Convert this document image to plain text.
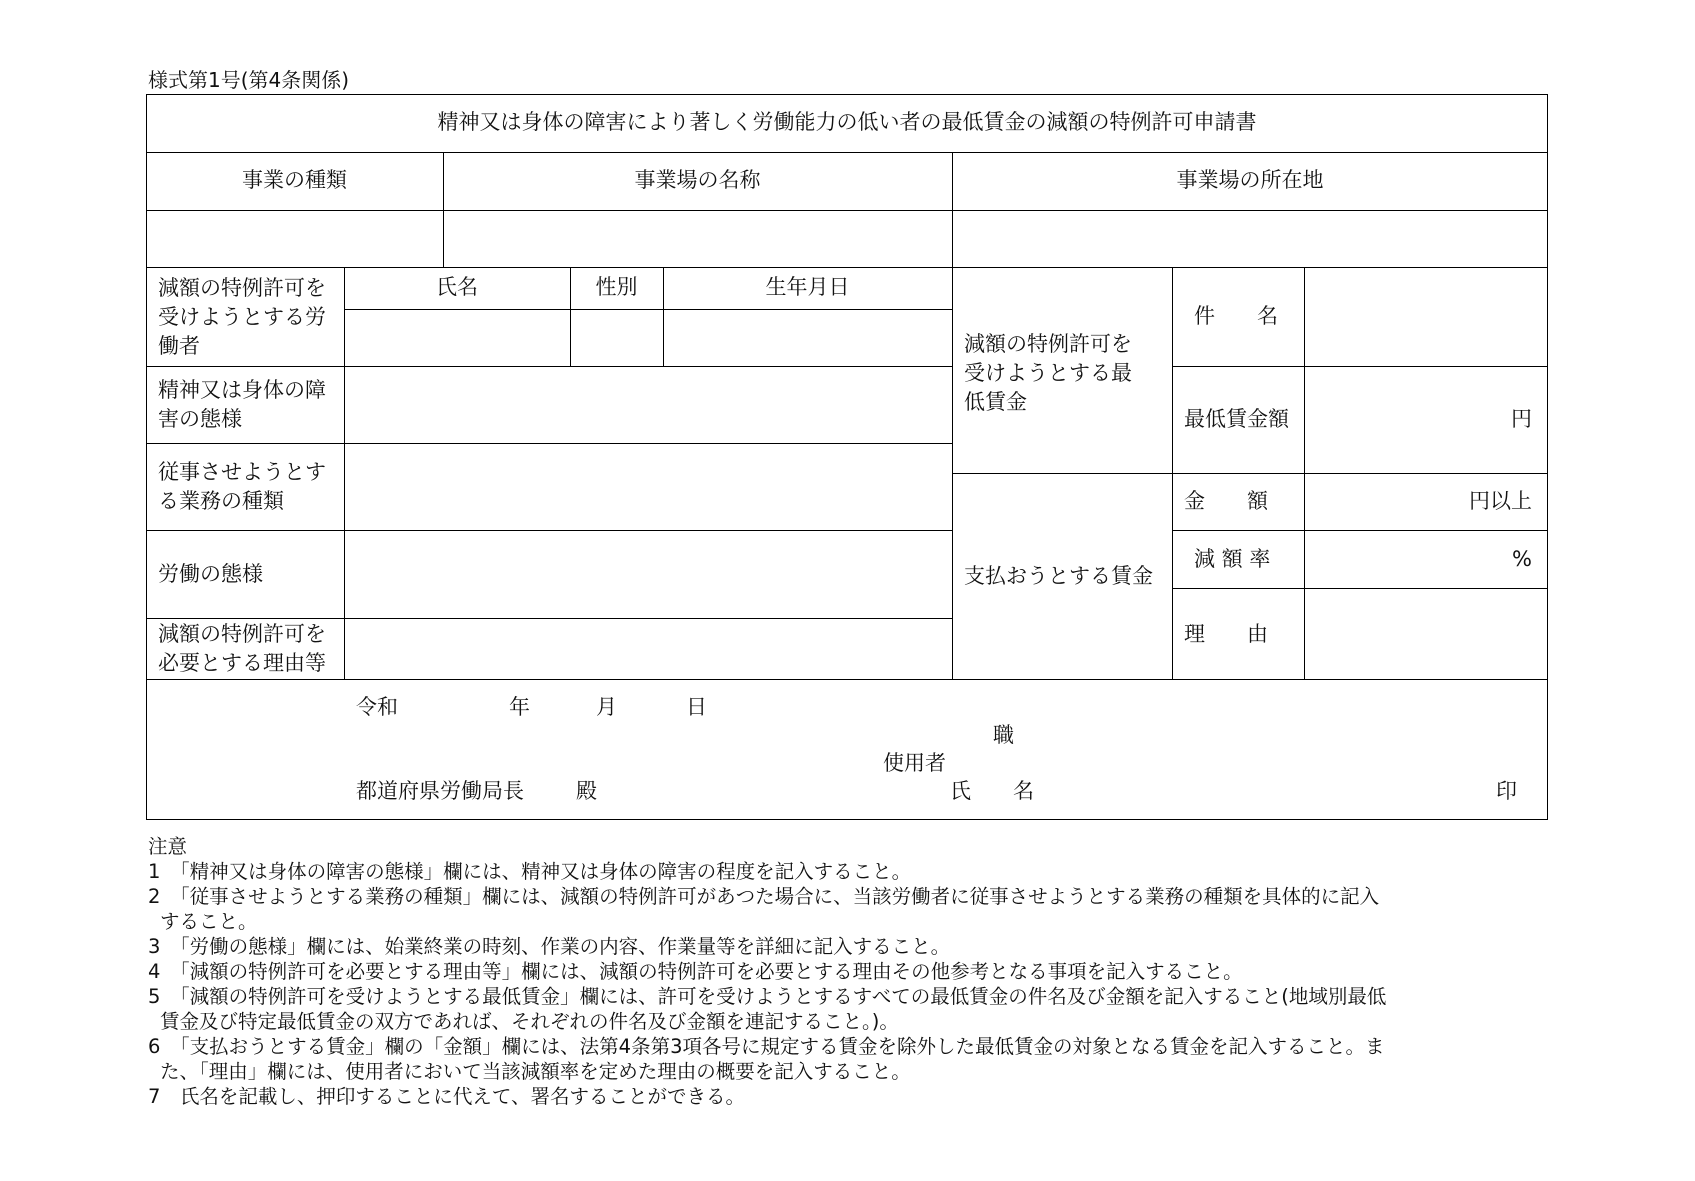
様式第1号(第4条関係)
精神又は身体の障害により著しく労働能力の低い者の最低賃金の減額の特例許可申請書
事業の種類	事業場の名称	事業場の所在地
減額の特例許可を
受けようとする労
働者
氏名	性別	生年月日
精神又は身体の障
害の態様
従事させようとす
る業務の種類
労働の態様
減額の特例許可を
必要とする理由等
減額の特例許可を
受けようとする最
低賃金
件　　名
最低賃金額	円
支払おうとする賃金
金　　額	円以上
減 額 率	%
理　　由
令和	年	月	日
職
使用者
都道府県労働局長 殿	氏　　名	印
注意
1　「精神又は身体の障害の態様」欄には、精神又は身体の障害の程度を記入すること。
2　「従事させようとする業務の種類」欄には、減額の特例許可があつた場合に、当該労働者に従事させようとする業務の種類を具体的に記入
すること。
3　「労働の態様」欄には、始業終業の時刻、作業の内容、作業量等を詳細に記入すること。
4　「減額の特例許可を必要とする理由等」欄には、減額の特例許可を必要とする理由その他参考となる事項を記入すること。
5　「減額の特例許可を受けようとする最低賃金」欄には、許可を受けようとするすべての最低賃金の件名及び金額を記入すること(地域別最低
賃金及び特定最低賃金の双方であれば、それぞれの件名及び金額を連記すること。)。
6　「支払おうとする賃金」欄の「金額」欄には、法第4条第3項各号に規定する賃金を除外した最低賃金の対象となる賃金を記入すること。ま
た、「理由」欄には、使用者において当該減額率を定めた理由の概要を記入すること。
7　氏名を記載し、押印することに代えて、署名することができる。
